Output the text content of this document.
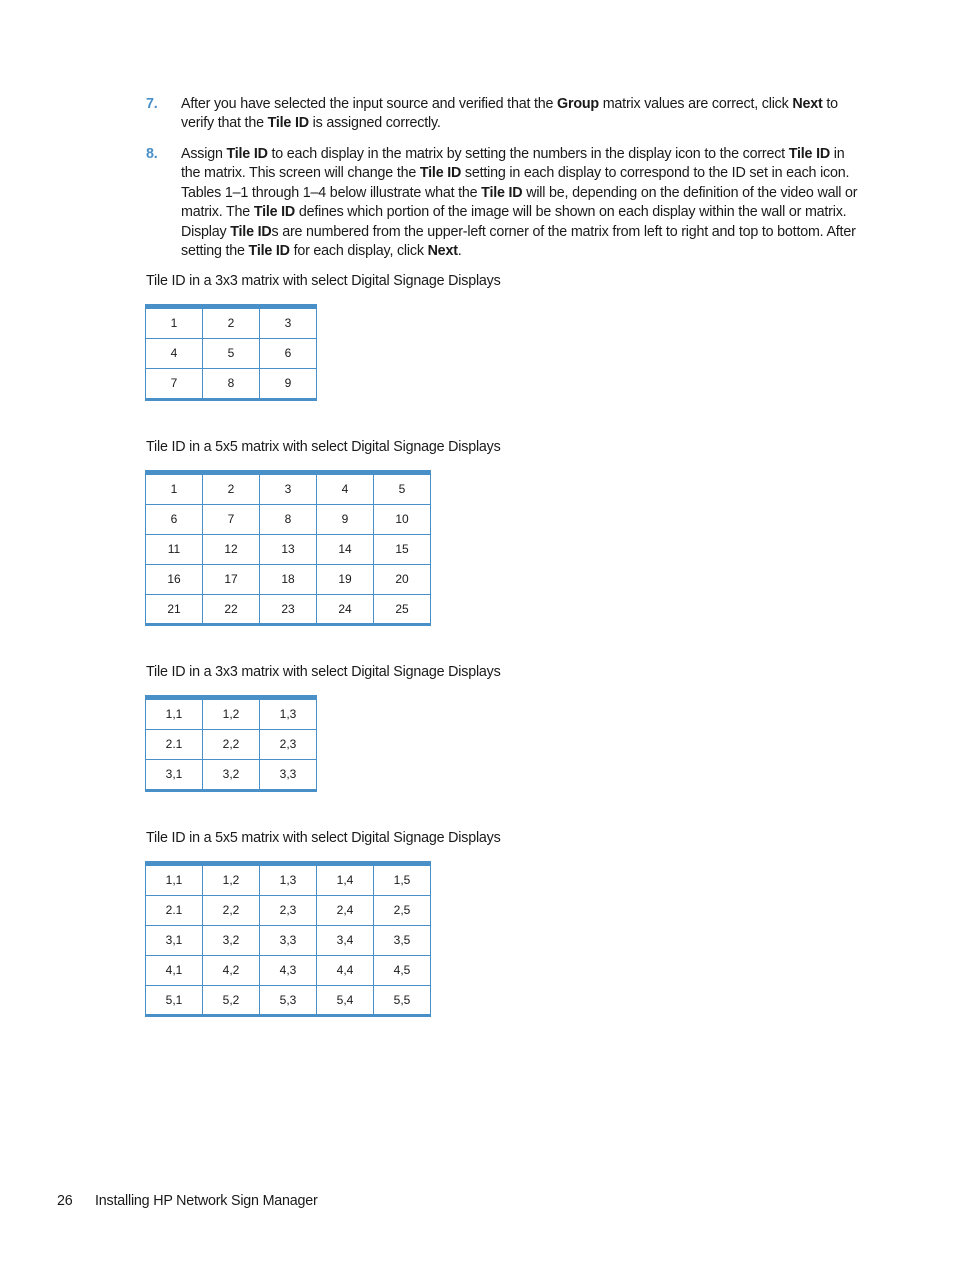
7.	After you have selected the input source and verified that the Group matrix values are correct, click Next to verify that the Tile ID is assigned correctly.
8.	Assign Tile ID to each display in the matrix by setting the numbers in the display icon to the correct Tile ID in the matrix. This screen will change the Tile ID setting in each display to correspond to the ID set in each icon. Tables 1–1 through 1–4 below illustrate what the Tile ID will be, depending on the definition of the video wall or matrix. The Tile ID defines which portion of the image will be shown on each display within the wall or matrix. Display Tile IDs are numbered from the upper-left corner of the matrix from left to right and top to bottom. After setting the Tile ID for each display, click Next.
Tile ID in a 3x3 matrix with select Digital Signage Displays
1	2	3
4	5	6
7	8	9
Tile ID in a 5x5 matrix with select Digital Signage Displays
1	2	3	4	5
6	7	8	9	10
11	12	13	14	15
16	17	18	19	20
21	22	23	24	25
Tile ID in a 3x3 matrix with select Digital Signage Displays
1,1	1,2	1,3
2.1	2,2	2,3
3,1	3,2	3,3
Tile ID in a 5x5 matrix with select Digital Signage Displays
1,1	1,2	1,3	1,4	1,5
2.1	2,2	2,3	2,4	2,5
3,1	3,2	3,3	3,4	3,5
4,1	4,2	4,3	4,4	4,5
5,1	5,2	5,3	5,4	5,5
26 Installing HP Network Sign Manager
